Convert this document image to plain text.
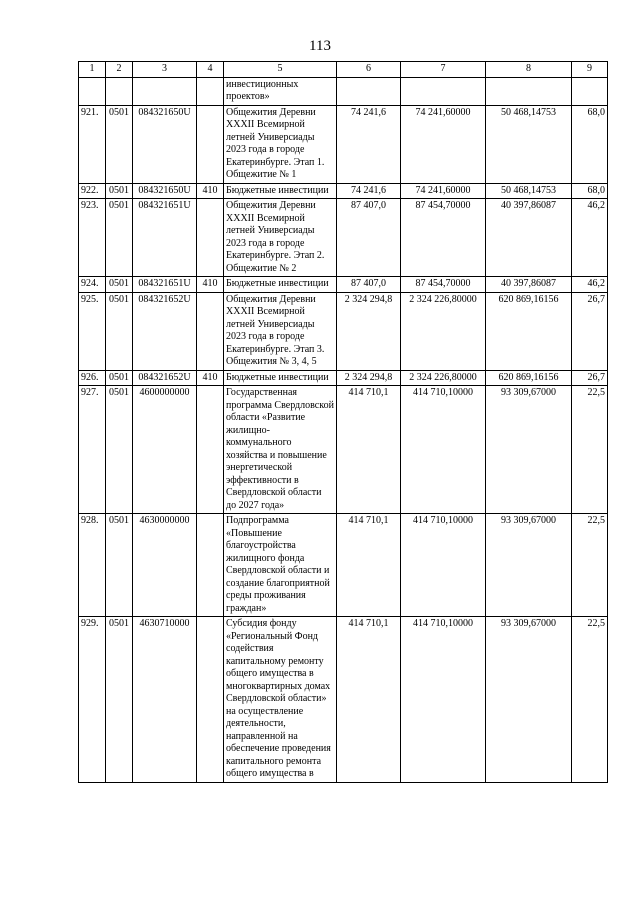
113
1	2	3	4	5	6	7	8	9
				инвестиционных проектов»				
921.	0501	084321650U		Общежития Деревни XXXII Всемирной летней Универсиады 2023 года в городе Екатеринбурге. Этап 1. Общежитие № 1	74 241,6	74 241,60000	50 468,14753	68,0
922.	0501	084321650U	410	Бюджетные инвестиции	74 241,6	74 241,60000	50 468,14753	68,0
923.	0501	084321651U		Общежития Деревни XXXII Всемирной летней Универсиады 2023 года в городе Екатеринбурге. Этап 2. Общежитие № 2	87 407,0	87 454,70000	40 397,86087	46,2
924.	0501	084321651U	410	Бюджетные инвестиции	87 407,0	87 454,70000	40 397,86087	46,2
925.	0501	084321652U		Общежития Деревни XXXII Всемирной летней Универсиады 2023 года в городе Екатеринбурге. Этап 3. Общежития № 3, 4, 5	2 324 294,8	2 324 226,80000	620 869,16156	26,7
926.	0501	084321652U	410	Бюджетные инвестиции	2 324 294,8	2 324 226,80000	620 869,16156	26,7
927.	0501	4600000000		Государственная программа Свердловской области «Развитие жилищно-коммунального хозяйства и повышение энергетической эффективности в Свердловской области до 2027 года»	414 710,1	414 710,10000	93 309,67000	22,5
928.	0501	4630000000		Подпрограмма «Повышение благоустройства жилищного фонда Свердловской области и создание благоприятной среды проживания граждан»	414 710,1	414 710,10000	93 309,67000	22,5
929.	0501	4630710000		Субсидия фонду «Региональный Фонд содействия капитальному ремонту общего имущества в многоквартирных домах Свердловской области» на осуществление деятельности, направленной на обеспечение проведения капитального ремонта общего имущества в	414 710,1	414 710,10000	93 309,67000	22,5
